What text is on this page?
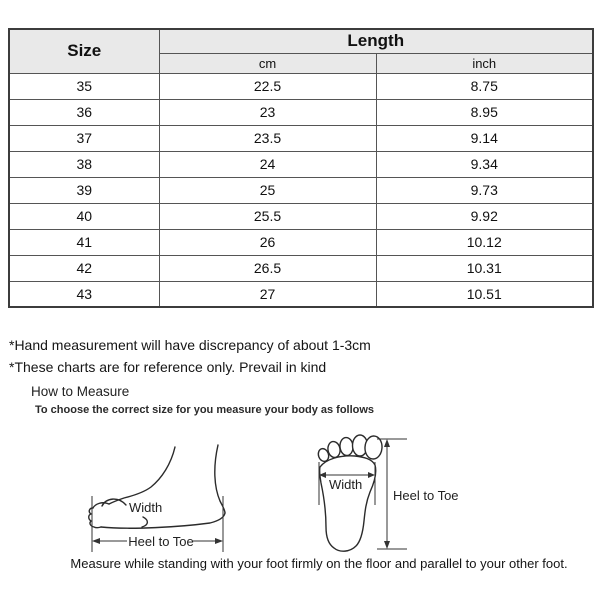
Size	Length	
	cm	inch
35	22.5	8.75
36	23	8.95
37	23.5	9.14
38	24	9.34
39	25	9.73
40	25.5	9.92
41	26	10.12
42	26.5	10.31
43	27	10.51
*Hand measurement will have discrepancy of about 1-3cm
*These charts are for reference only. Prevail in kind
How to Measure
To choose the correct size for you measure your body as follows
Width
Heel to Toe
Width
Heel to Toe
Measure while standing with your foot firmly on the floor and parallel to your other foot.
